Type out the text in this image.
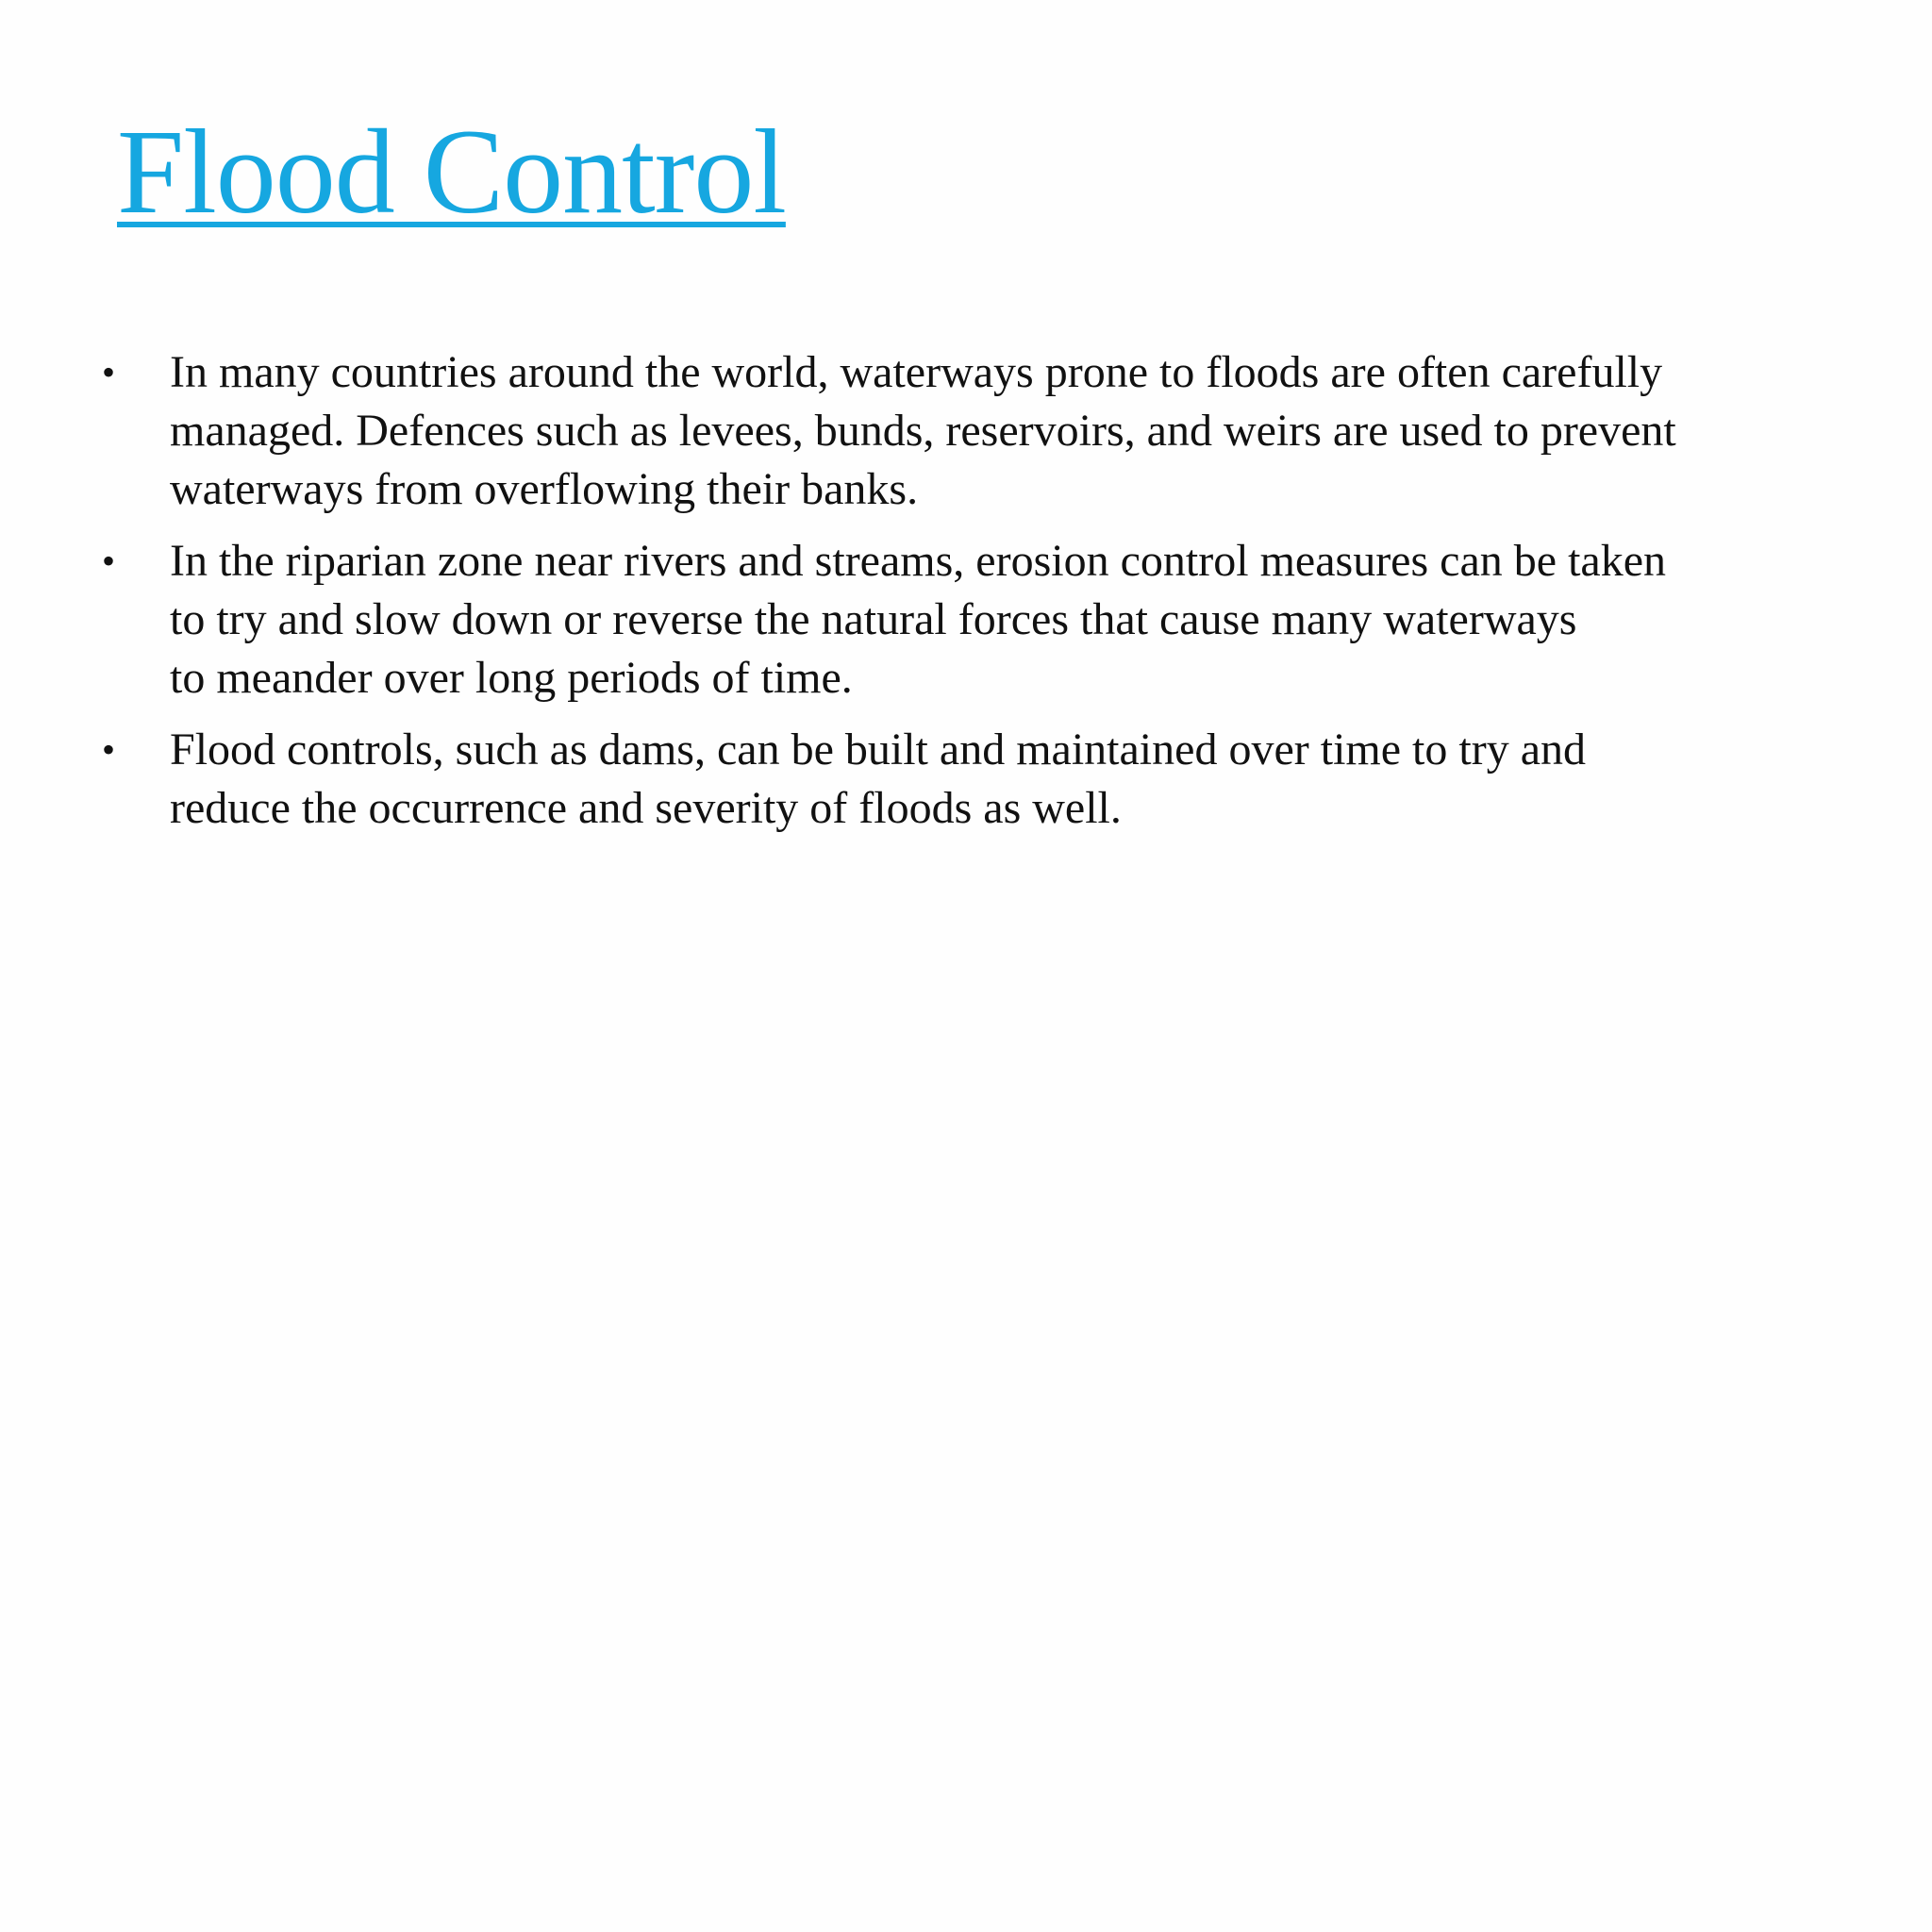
Flood Control
• In many countries around the world, waterways prone to floods are often carefully
managed. Defences such as levees, bunds, reservoirs, and weirs are used to prevent
waterways from overflowing their banks.
• In the riparian zone near rivers and streams, erosion control measures can be taken
to try and slow down or reverse the natural forces that cause many waterways
to meander over long periods of time.
• Flood controls, such as dams, can be built and maintained over time to try and
reduce the occurrence and severity of floods as well.
